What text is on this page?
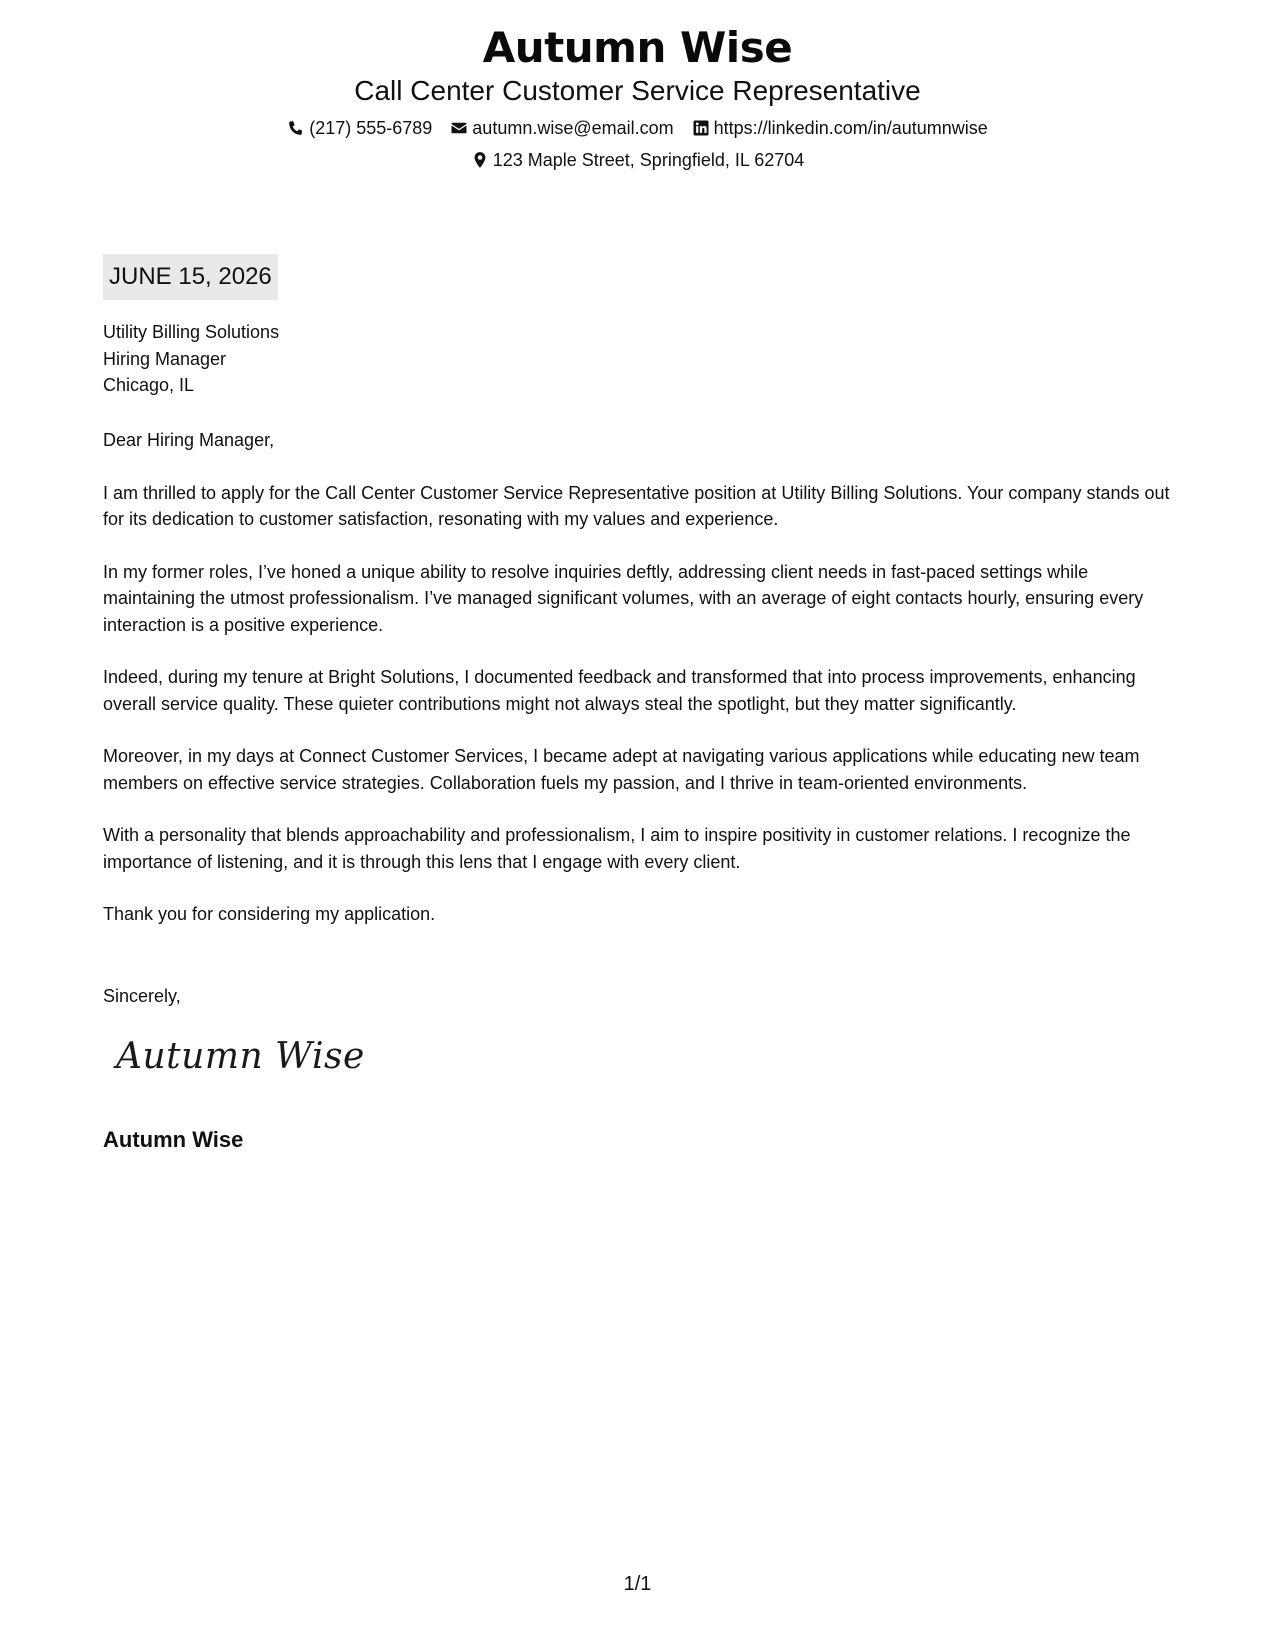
Autumn Wise
Call Center Customer Service Representative
(217) 555-6789 autumn.wise@email.com https://linkedin.com/in/autumnwise
123 Maple Street, Springfield, IL 62704
JUNE 15, 2026
Utility Billing Solutions
Hiring Manager
Chicago, IL

Dear Hiring Manager,

I am thrilled to apply for the Call Center Customer Service Representative position at Utility Billing Solutions. Your company stands out for its dedication to customer satisfaction, resonating with my values and experience.

In my former roles, I’ve honed a unique ability to resolve inquiries deftly, addressing client needs in fast-paced settings while maintaining the utmost professionalism. I’ve managed significant volumes, with an average of eight contacts hourly, ensuring every interaction is a positive experience.

Indeed, during my tenure at Bright Solutions, I documented feedback and transformed that into process improvements, enhancing overall service quality. These quieter contributions might not always steal the spotlight, but they matter significantly.

Moreover, in my days at Connect Customer Services, I became adept at navigating various applications while educating new team members on effective service strategies. Collaboration fuels my passion, and I thrive in team-oriented environments.

With a personality that blends approachability and professionalism, I aim to inspire positivity in customer relations. I recognize the importance of listening, and it is through this lens that I engage with every client.

Thank you for considering my application.

Sincerely,
Autumn Wise
Autumn Wise
1/1
